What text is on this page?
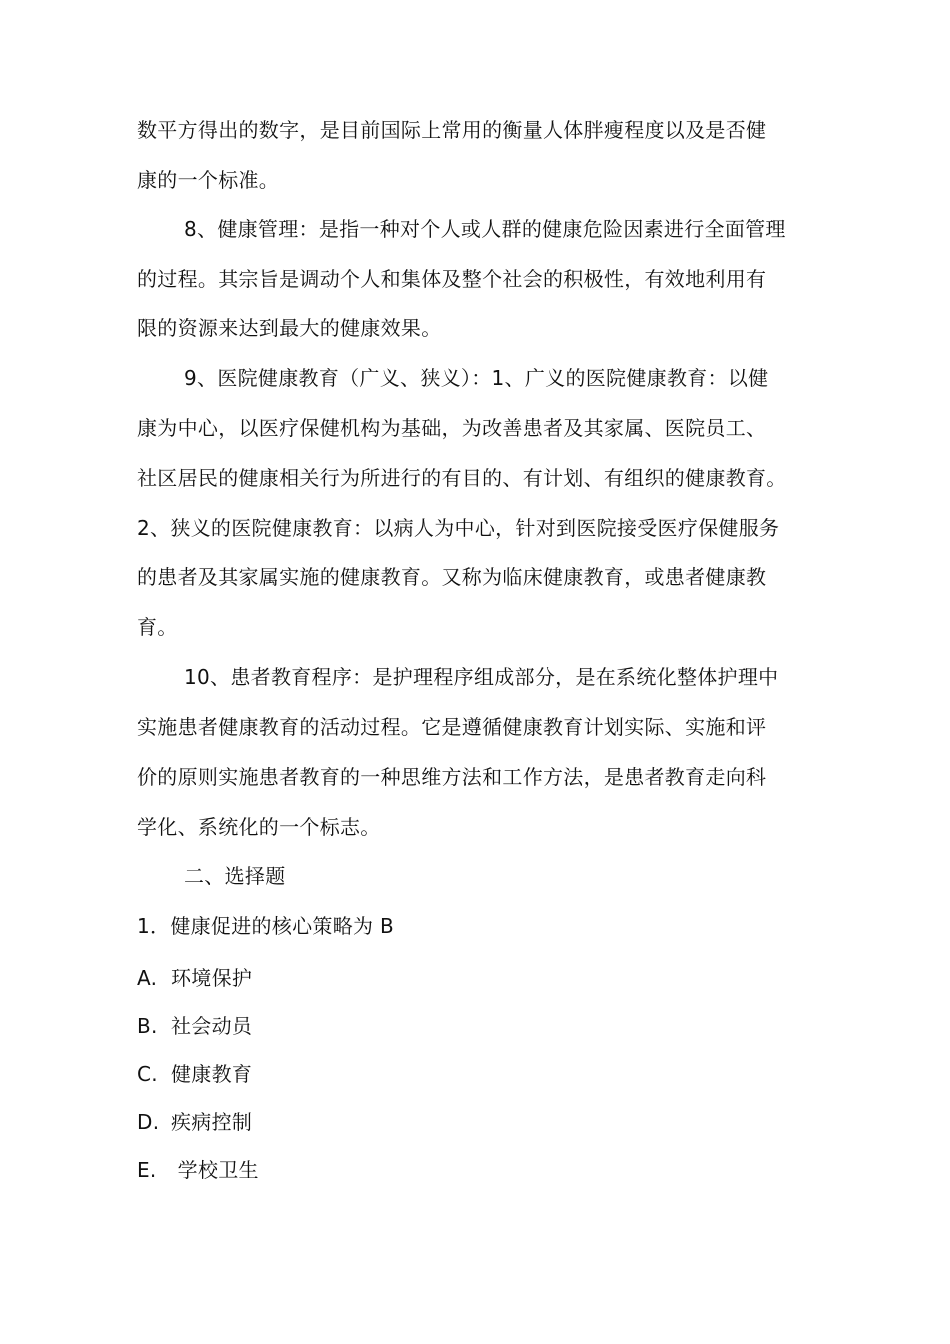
数平方得出的数字，是目前国际上常用的衡量人体胖瘦程度以及是否健
康的一个标准。
8、健康管理：是指一种对个人或人群的健康危险因素进行全面管理
的过程。其宗旨是调动个人和集体及整个社会的积极性，有效地利用有
限的资源来达到最大的健康效果。
9、医院健康教育（广义、狭义）：1、广义的医院健康教育：以健
康为中心，以医疗保健机构为基础，为改善患者及其家属、医院员工、
社区居民的健康相关行为所进行的有目的、有计划、有组织的健康教育。
2、狭义的医院健康教育：以病人为中心，针对到医院接受医疗保健服务
的患者及其家属实施的健康教育。又称为临床健康教育，或患者健康教
育。
10、患者教育程序：是护理程序组成部分，是在系统化整体护理中
实施患者健康教育的活动过程。它是遵循健康教育计划实际、实施和评
价的原则实施患者教育的一种思维方法和工作方法，是患者教育走向科
学化、系统化的一个标志。
二、选择题
1．健康促进的核心策略为 B
A. 环境保护
B. 社会动员
C. 健康教育
D. 疾病控制
E. 学校卫生
